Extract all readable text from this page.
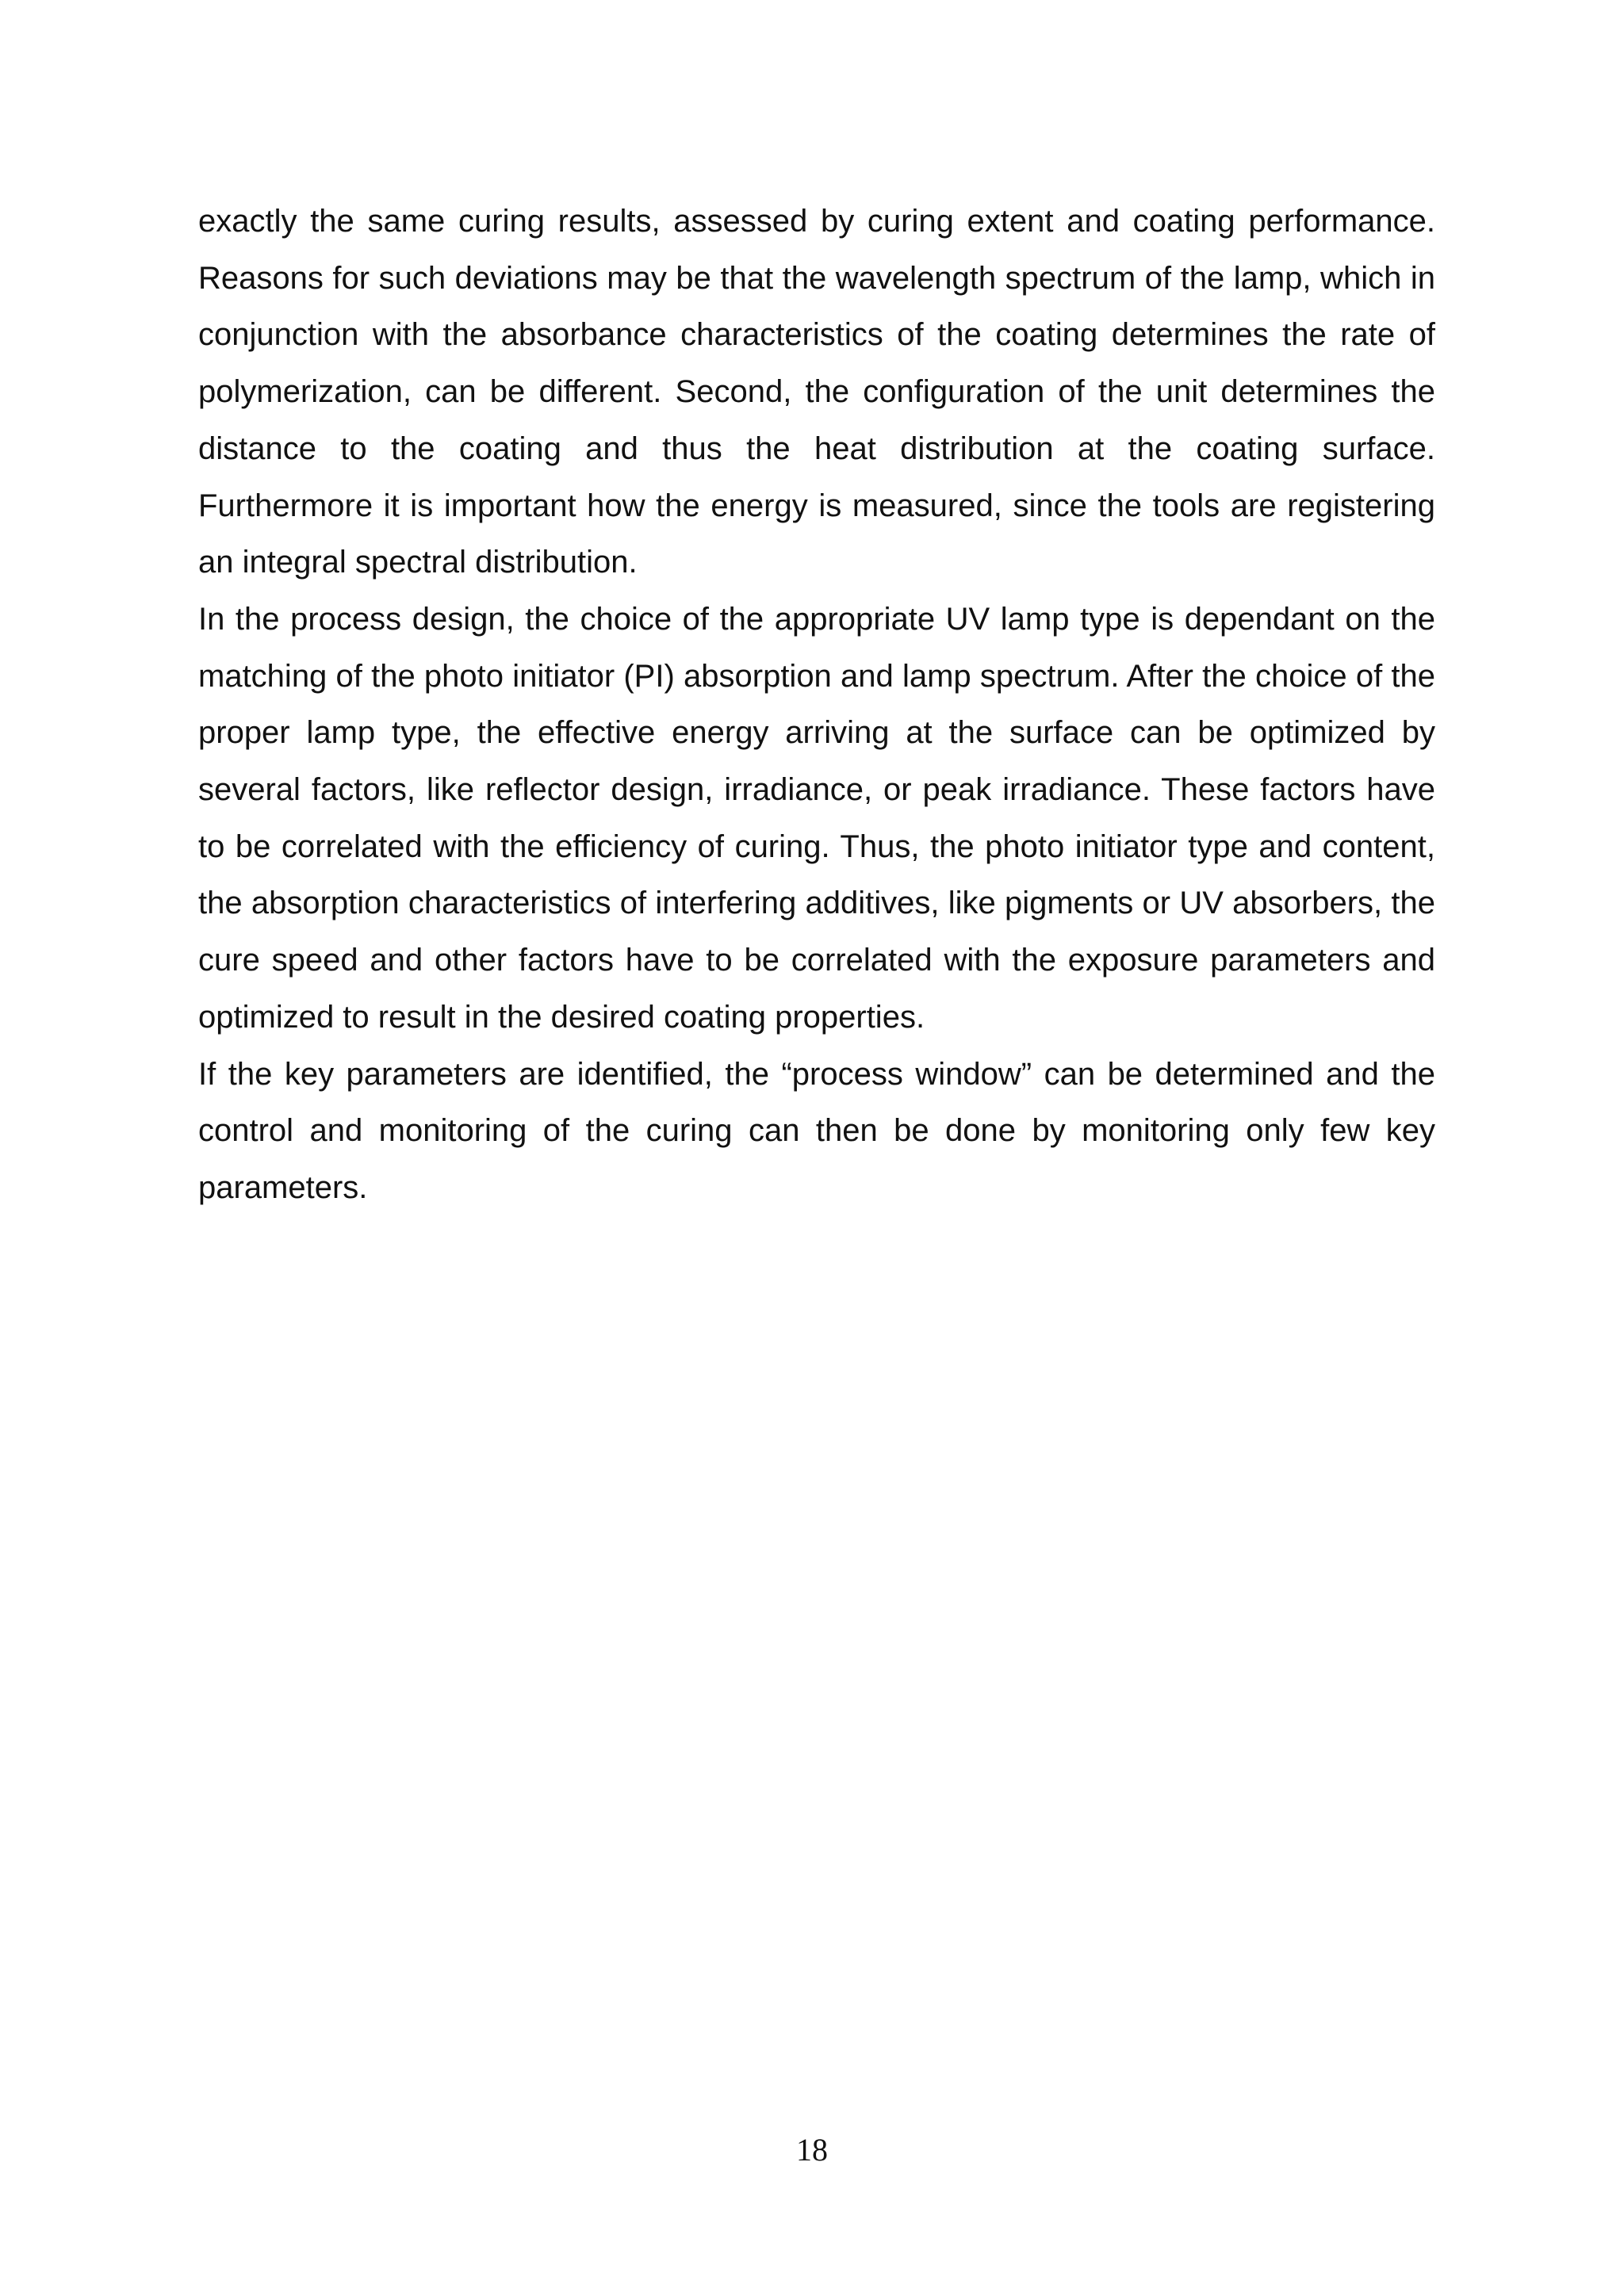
exactly the same curing results, assessed by curing extent and coating performance. Reasons for such deviations may be that the wavelength spectrum of the lamp, which in conjunction with the absorbance characteristics of the coating determines the rate of polymerization, can be different. Second, the configuration of the unit determines the distance to the coating and thus the heat distribution at the coating surface. Furthermore it is important how the energy is measured, since the tools are registering an integral spectral distribution.

In the process design, the choice of the appropriate UV lamp type is dependant on the matching of the photo initiator (PI) absorption and lamp spectrum. After the choice of the proper lamp type, the effective energy arriving at the surface can be optimized by several factors, like reflector design, irradiance, or peak irradiance. These factors have to be correlated with the efficiency of curing. Thus, the photo initiator type and content, the absorption characteristics of interfering additives, like pigments or UV absorbers, the cure speed and other factors have to be correlated with the exposure parameters and optimized to result in the desired coating properties.

If the key parameters are identified, the “process window” can be determined and the control and monitoring of the curing can then be done by monitoring only few key parameters.

18
